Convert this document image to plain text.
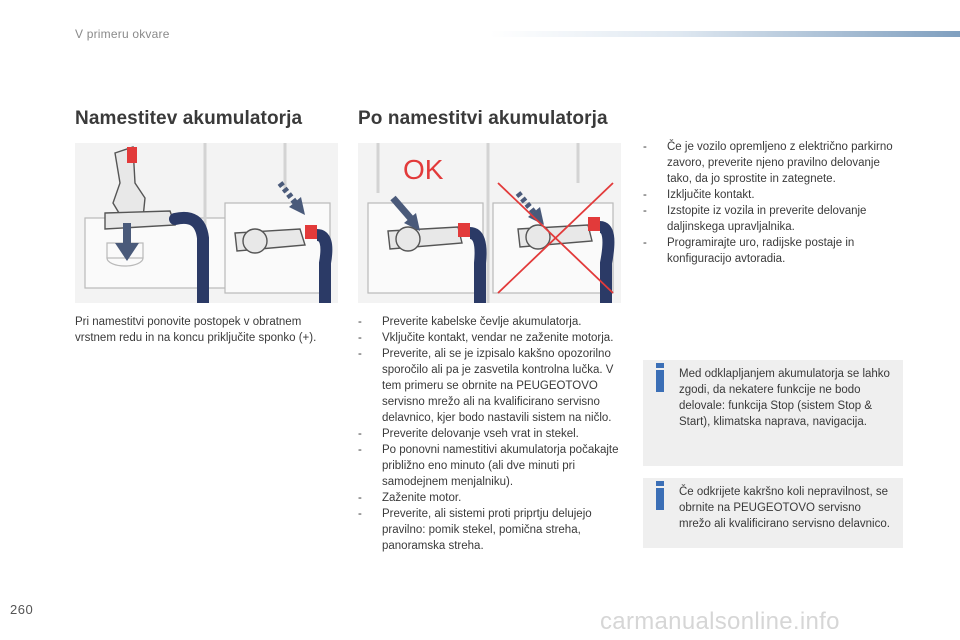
V primeru okvare
Namestitev akumulatorja	Po namestitvi akumulatorja
OK
Pri namestitvi ponovite postopek v obratnem vrstnem redu in na koncu priključite sponko (+).
- Preverite kabelske čevlje akumulatorja.
- Vključite kontakt, vendar ne zaženite motorja.
- Preverite, ali se je izpisalo kakšno opozorilno sporočilo ali pa je zasvetila kontrolna lučka. V tem primeru se obrnite na PEUGEOTOVO servisno mrežo ali na kvalificirano servisno delavnico, kjer bodo nastavili sistem na ničlo.
- Preverite delovanje vseh vrat in stekel.
- Po ponovni namestitivi akumulatorja počakajte približno eno minuto (ali dve minuti pri samodejnem menjalniku).
- Zaženite motor.
- Preverite, ali sistemi proti priprtju delujejo pravilno: pomik stekel, pomična streha, panoramska streha.
- Če je vozilo opremljeno z električno parkirno zavoro, preverite njeno pravilno delovanje tako, da jo sprostite in zategnete.
- Izključite kontakt.
- Izstopite iz vozila in preverite delovanje daljinskega upravljalnika.
- Programirajte uro, radijske postaje in konfiguracijo avtoradia.
Med odklapljanjem akumulatorja se lahko zgodi, da nekatere funkcije ne bodo delovale: funkcija Stop (sistem Stop & Start), klimatska naprava, navigacija.
Če odkrijete kakršno koli nepravilnost, se obrnite na PEUGEOTOVO servisno mrežo ali kvalificirano servisno delavnico.
260	carmanualsonline.info
